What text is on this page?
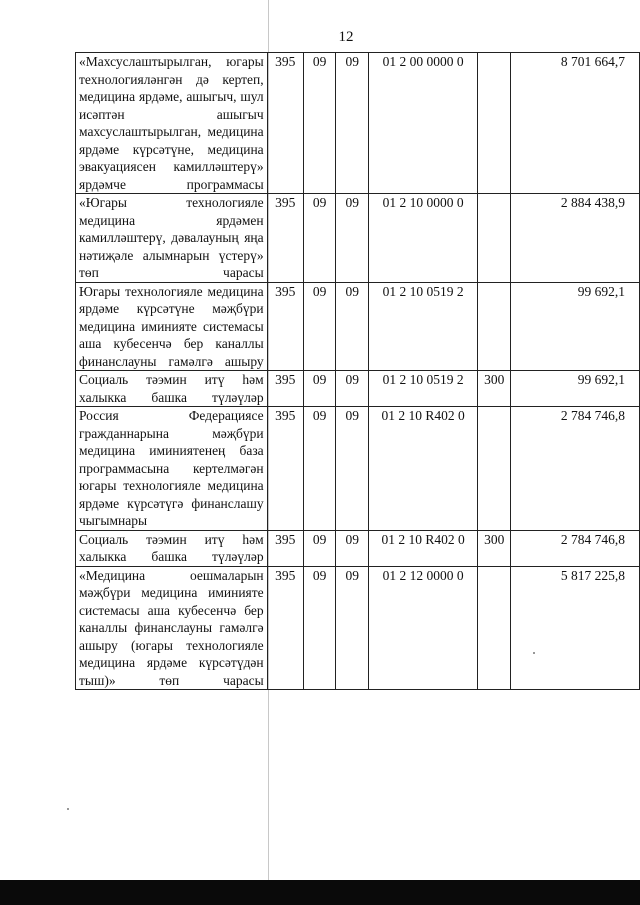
12
«Махсуслаштырылган, югары технологияләнгән дә кертеп, медицина ярдәме, ашыгыч, шул исәптән ашыгыч махсуслаштырылган, медицина ярдәме күрсәтүне, медицина эвакуациясен камилләштерү» ярдәмче программасы	395	09	09	01 2 00 0000 0		8 701 664,7
«Югары технологияле медицина ярдәмен камилләштерү, дәвалауның яңа нәтиҗәле алымнарын үстерү» төп чарасы	395	09	09	01 2 10 0000 0		2 884 438,9
Югары технологияле медицина ярдәме күрсәтүне мәҗбүри медицина иминияте системасы аша кубесенчә бер каналлы финанслауны гамәлгә ашыру	395	09	09	01 2 10 0519 2		99 692,1
Социаль тәэмин итү һәм халыкка башка түләүләр	395	09	09	01 2 10 0519 2	300	99 692,1
Россия Федерациясе гражданнарына мәҗбүри медицина иминиятенең база программасына кертелмәгән югары технологияле медицина ярдәме күрсәтүгә финанслашу чыгымнары	395	09	09	01 2 10 R402 0		2 784 746,8
Социаль тәэмин итү һәм халыкка башка түләүләр	395	09	09	01 2 10 R402 0	300	2 784 746,8
«Медицина оешмаларын мәҗбүри медицина иминияте системасы аша кубесенчә бер каналлы финанслауны гамәлгә ашыру (югары технологияле медицина ярдәме күрсәтүдән тыш)» төп чарасы	395	09	09	01 2 12 0000 0		5 817 225,8
